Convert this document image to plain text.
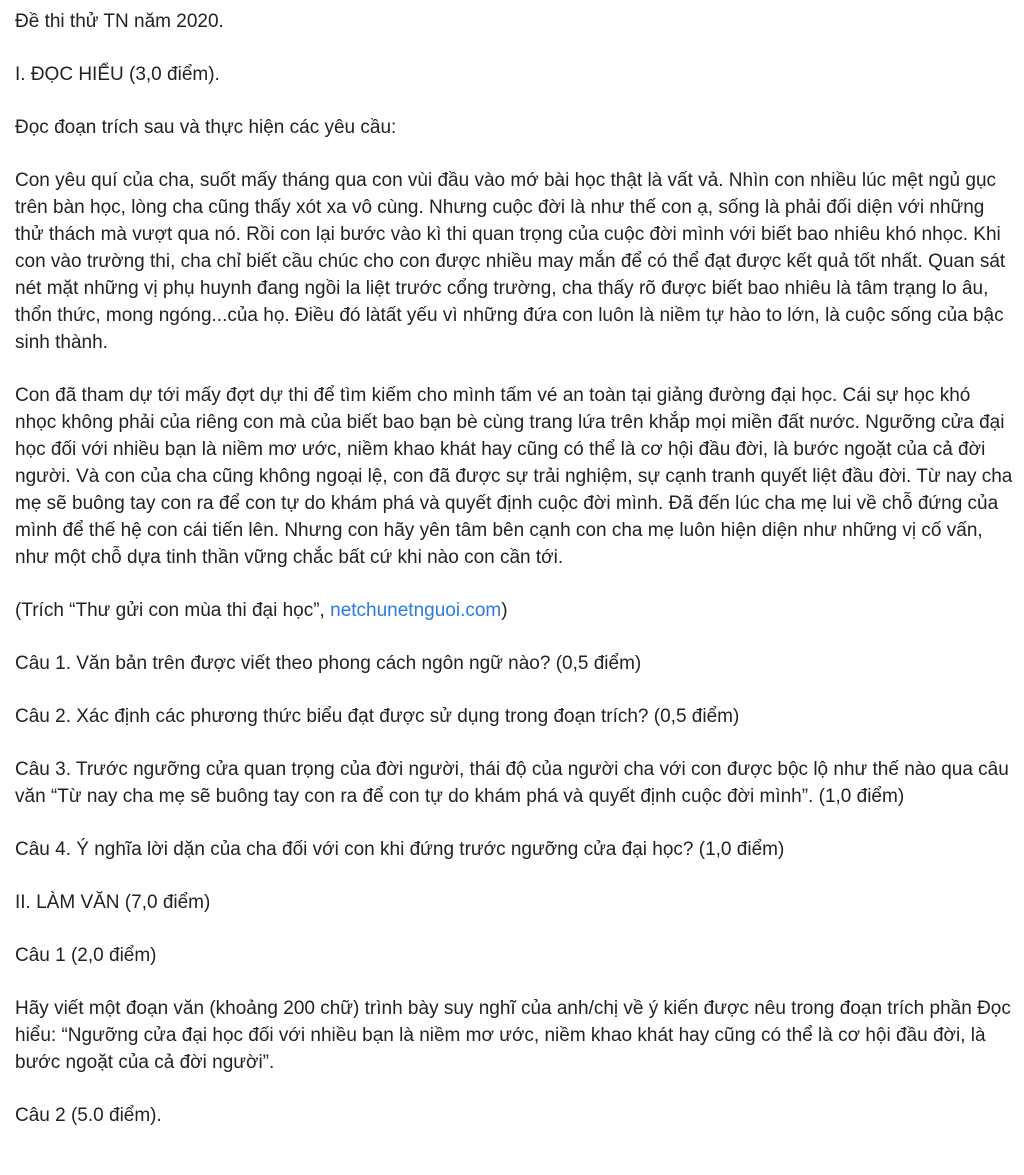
Đề thi thử TN năm 2020.

I. ĐỌC HIỂU (3,0 điểm).

Đọc đoạn trích sau và thực hiện các yêu cầu:

Con yêu quí của cha, suốt mấy tháng qua con vùi đầu vào mớ bài học thật là vất vả. Nhìn con nhiều lúc mệt ngủ gục trên bàn học, lòng cha cũng thấy xót xa vô cùng. Nhưng cuộc đời là như thế con ạ, sống là phải đối diện với những thử thách mà vượt qua nó. Rồi con lại bước vào kì thi quan trọng của cuộc đời mình với biết bao nhiêu khó nhọc. Khi con vào trường thi, cha chỉ biết cầu chúc cho con được nhiều may mắn để có thể đạt được kết quả tốt nhất. Quan sát nét mặt những vị phụ huynh đang ngồi la liệt trước cổng trường, cha thấy rõ được biết bao nhiêu là tâm trạng lo âu, thổn thức, mong ngóng...của họ. Điều đó làtất yếu vì những đứa con luôn là niềm tự hào to lớn, là cuộc sống của bậc sinh thành.

Con đã tham dự tới mấy đợt dự thi để tìm kiếm cho mình tấm vé an toàn tại giảng đường đại học. Cái sự học khó nhọc không phải của riêng con mà của biết bao bạn bè cùng trang lứa trên khắp mọi miền đất nước. Ngưỡng cửa đại học đối với nhiều bạn là niềm mơ ước, niềm khao khát hay cũng có thể là cơ hội đầu đời, là bước ngoặt của cả đời người. Và con của cha cũng không ngoại lệ, con đã được sự trải nghiệm, sự cạnh tranh quyết liệt đầu đời. Từ nay cha mẹ sẽ buông tay con ra để con tự do khám phá và quyết định cuộc đời mình. Đã đến lúc cha mẹ lui về chỗ đứng của mình để thế hệ con cái tiến lên. Nhưng con hãy yên tâm bên cạnh con cha mẹ luôn hiện diện như những vị cố vấn, như một chỗ dựa tinh thần vững chắc bất cứ khi nào con cần tới.

(Trích “Thư gửi con mùa thi đại học”, netchunetnguoi.com)

Câu 1. Văn bản trên được viết theo phong cách ngôn ngữ nào? (0,5 điểm)

Câu 2. Xác định các phương thức biểu đạt được sử dụng trong đoạn trích? (0,5 điểm)

Câu 3. Trước ngưỡng cửa quan trọng của đời người, thái độ của người cha với con được bộc lộ như thế nào qua câu văn “Từ nay cha mẹ sẽ buông tay con ra để con tự do khám phá và quyết định cuộc đời mình”. (1,0 điểm)

Câu 4. Ý nghĩa lời dặn của cha đối với con khi đứng trước ngưỡng cửa đại học? (1,0 điểm)

II. LÀM VĂN (7,0 điểm)

Câu 1 (2,0 điểm)

Hãy viết một đoạn văn (khoảng 200 chữ) trình bày suy nghĩ của anh/chị về ý kiến được nêu trong đoạn trích phần Đọc hiểu: “Ngưỡng cửa đại học đối với nhiều bạn là niềm mơ ước, niềm khao khát hay cũng có thể là cơ hội đầu đời, là bước ngoặt của cả đời người”.

Câu 2 (5.0 điểm).
